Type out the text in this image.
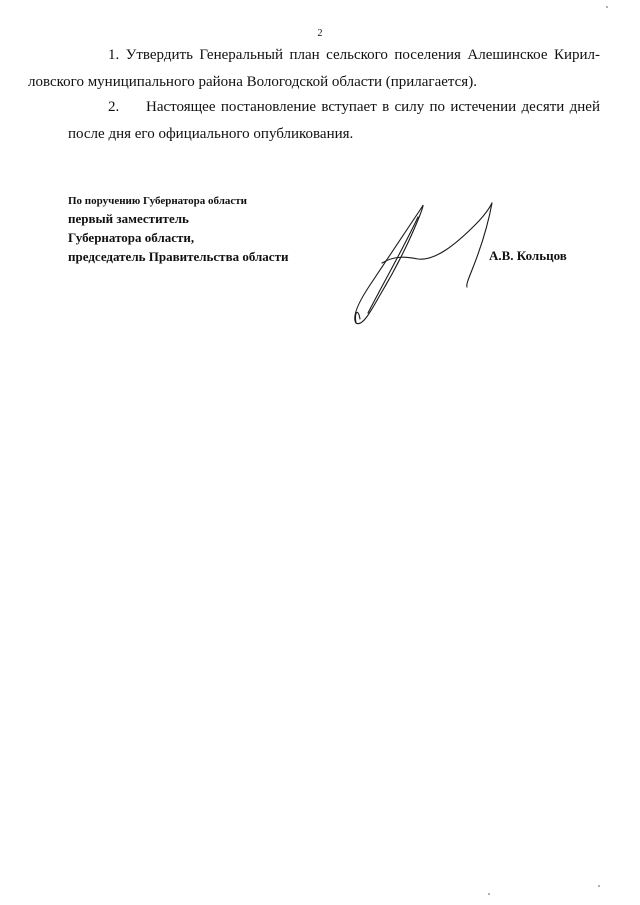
2

1. Утвердить Генеральный план сельского поселения Алешинское Кирил-
ловского муниципального района Вологодской области (прилагается).

2. Настоящее постановление вступает в силу по истечении десяти дней
после дня его официального опубликования.
По поручению Губернатора области
первый заместитель
Губернатора области,
председатель Правительства области	А.В. Кольцов
